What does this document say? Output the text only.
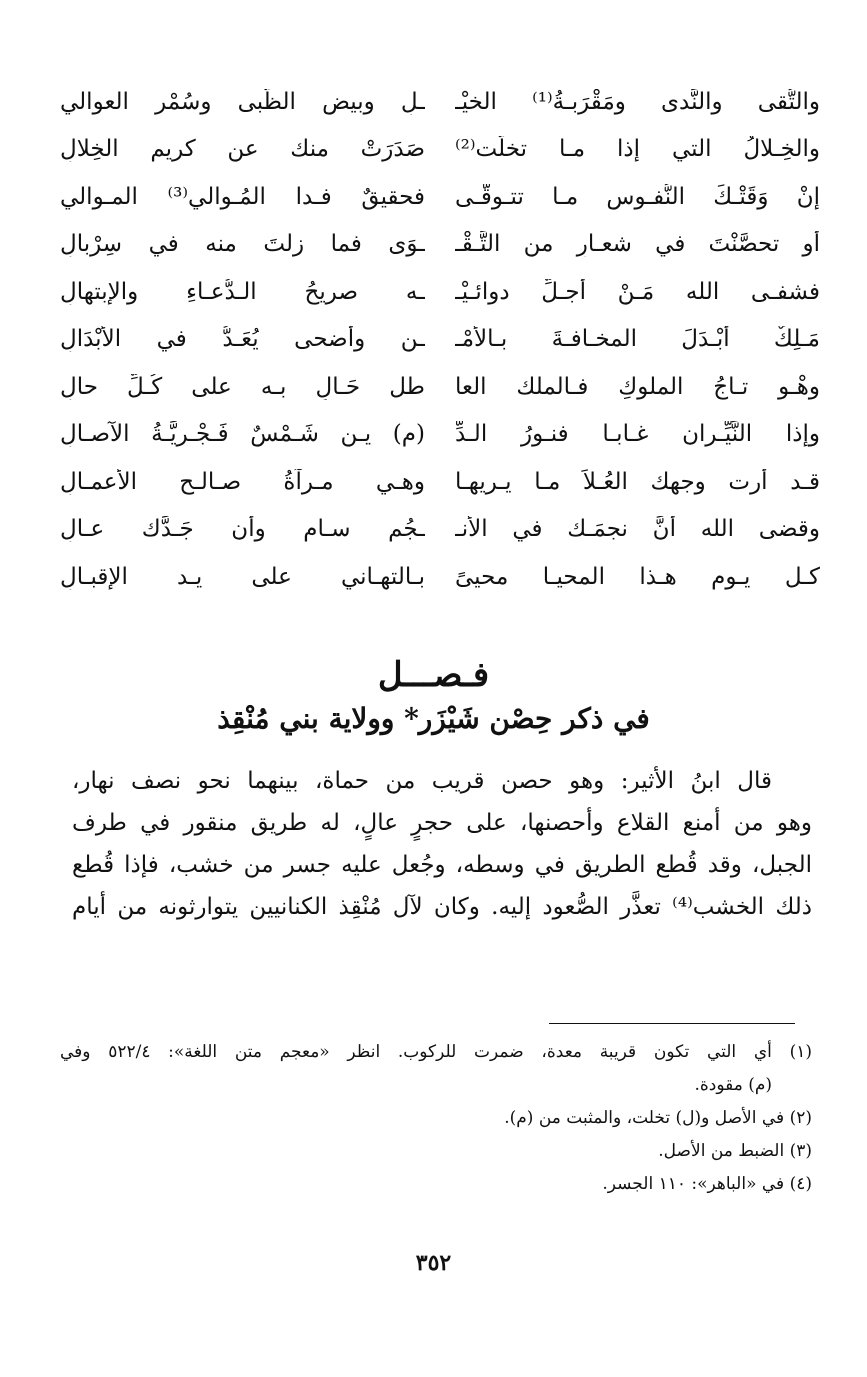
والتُّقى والنَّدى ومَقْرَبـةُ⁽¹⁾ الخيْـ
ـلِ وبيض الظُّبى وسُمْر العوالي
والخِـلالُ التي إذا مـا تخلَّت⁽²⁾
صَدَرَتْ منك عن كريم الخِلالِ
إنْ وَقَتْـكَ النُّفـوس مـا تتـوقَّـى
فحقيقٌ فـدا المُـوالي⁽³⁾ المـوالي
أو تحصَّنْتَ في شعـارٍ من التَّـقْـ
ـوَى فما زلتَ منه في سِرْبالِ
فشفـى الله مَـنْ أجـلِّ دوائـيْـ
ـه صريحُ الـدُّعـاءِ والإبتهالِ
مَـلِكٌ أبْـدَلَ المخـافـةَ بـالأمْـ
ـنِ وأضحى يُعَـدُّ في الأبْدَالِ
وهْـو تـاجُ الملوكِ فـالملك العا
طل حَـالٍ بـه على كُـلِّ حالِ
وإذا النَّيِّـران غـابـا فنـورُ الـدِّ
(م) يـن شَـمْسٌ فَـجْـرِيَّـةُ الآصـالِ
قـد أرت وجهك العُـلاَ مـا يـريهـا
وهـي مـرآةُ صـالـحِ الأعمـالِ
وقضى الله أنَّ نجمَـك في الأنـ
ـجُم سـامٍ وأن جَـدَّك عـالِ
كـل يـوم هـذا المحيـا محيىً
بـالتهـاني على يـد الإقبـالِ
فـصـــل
في ذكر حِصْن شَيْزَر* وولاية بني مُنْقِذ
قال ابنُ الأثير: وهو حصن قريب من حماة، بينهما نحو نصف نهار،
وهو من أمنع القلاع وأحصنها، على حجرٍ عالٍ، له طريق منقور في طرف
الجبل، وقد قُطع الطريق في وسطه، وجُعل عليه جسر من خشب، فإذا قُطع
ذلك الخشب⁽⁴⁾ تعذَّر الصُّعود إليه. وكان لآل مُنْقِذ الكنانيين يتوارثونه من أيام
(١) أي التي تكون قريبة معدة، ضمرت للركوب. انظر «معجم متن اللغة»: ٥٢٢/٤ وفي
(م) مقودة.
(٢) في الأصل و(ل) تخلت، والمثبت من (م).
(٣) الضبط من الأصل.
(٤) في «الباهر»: ١١٠ الجسر.
٣٥٢
